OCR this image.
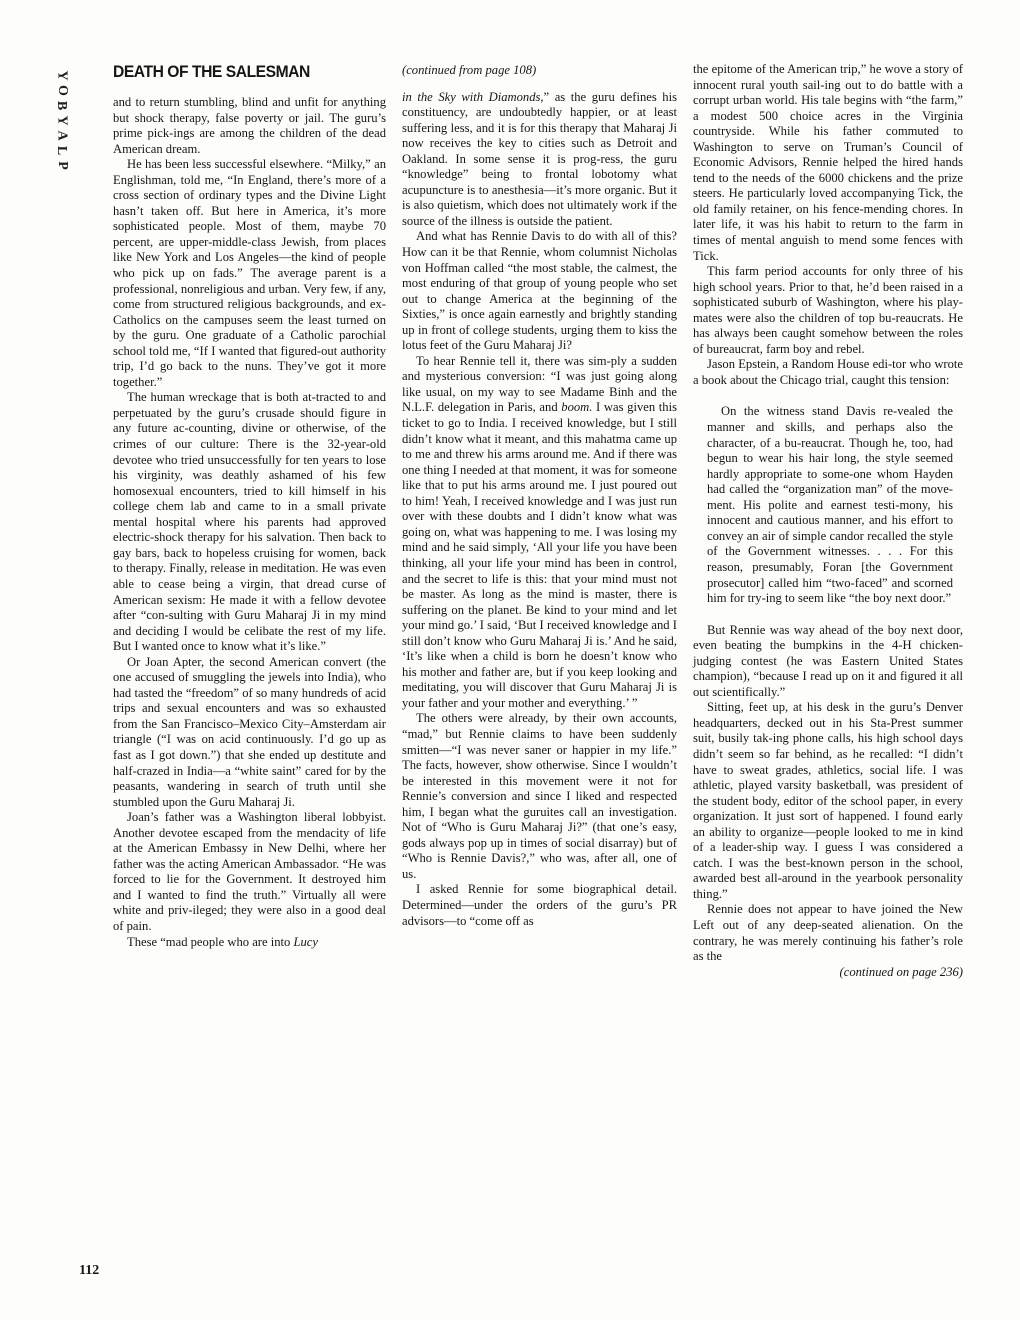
Y
O
B
Y
A
L
P
112
DEATH OF THE SALESMAN

and to return stumbling, blind and unfit for anything but shock therapy, false poverty or jail. The guru’s prime pick-ings are among the children of the dead American dream.

He has been less successful elsewhere. “Milky,” an Englishman, told me, “In England, there’s more of a cross section of ordinary types and the Divine Light hasn’t taken off. But here in America, it’s more sophisticated people. Most of them, maybe 70 percent, are upper-middle-class Jewish, from places like New York and Los Angeles—the kind of people who pick up on fads.” The average parent is a professional, nonreligious and urban. Very few, if any, come from structured religious backgrounds, and ex-Catholics on the campuses seem the least turned on by the guru. One graduate of a Catholic parochial school told me, “If I wanted that figured-out authority trip, I’d go back to the nuns. They’ve got it more together.”

The human wreckage that is both at-tracted to and perpetuated by the guru’s crusade should figure in any future ac-counting, divine or otherwise, of the crimes of our culture: There is the 32-year-old devotee who tried unsuccessfully for ten years to lose his virginity, was deathly ashamed of his few homosexual encounters, tried to kill himself in his college chem lab and came to in a small private mental hospital where his parents had approved electric-shock therapy for his salvation. Then back to gay bars, back to hopeless cruising for women, back to therapy. Finally, release in meditation. He was even able to cease being a virgin, that dread curse of American sexism: He made it with a fellow devotee after “con-sulting with Guru Maharaj Ji in my mind and deciding I would be celibate the rest of my life. But I wanted once to know what it’s like.”

Or Joan Apter, the second American convert (the one accused of smuggling the jewels into India), who had tasted the “freedom” of so many hundreds of acid trips and sexual encounters and was so exhausted from the San Francisco–Mexico City–Amsterdam air triangle (“I was on acid continuously. I’d go up as fast as I got down.”) that she ended up destitute and half-crazed in India—a “white saint” cared for by the peasants, wandering in search of truth until she stumbled upon the Guru Maharaj Ji.

Joan’s father was a Washington liberal lobbyist. Another devotee escaped from the mendacity of life at the American Embassy in New Delhi, where her father was the acting American Ambassador. “He was forced to lie for the Government. It destroyed him and I wanted to find the truth.” Virtually all were white and priv-ileged; they were also in a good deal of pain.

These “mad people who are into Lucy

(continued from page 108)

in the Sky with Diamonds,” as the guru defines his constituency, are undoubtedly happier, or at least suffering less, and it is for this therapy that Maharaj Ji now receives the key to cities such as Detroit and Oakland. In some sense it is prog-ress, the guru “knowledge” being to frontal lobotomy what acupuncture is to anesthesia—it’s more organic. But it is also quietism, which does not ultimately work if the source of the illness is outside the patient.

And what has Rennie Davis to do with all of this? How can it be that Rennie, whom columnist Nicholas von Hoffman called “the most stable, the calmest, the most enduring of that group of young people who set out to change America at the beginning of the Sixties,” is once again earnestly and brightly standing up in front of college students, urging them to kiss the lotus feet of the Guru Maharaj Ji?

To hear Rennie tell it, there was sim-ply a sudden and mysterious conversion: “I was just going along like usual, on my way to see Madame Binh and the N.L.F. delegation in Paris, and boom. I was given this ticket to go to India. I received knowledge, but I still didn’t know what it meant, and this mahatma came up to me and threw his arms around me. And if there was one thing I needed at that moment, it was for someone like that to put his arms around me. I just poured out to him! Yeah, I received knowledge and I was just run over with these doubts and I didn’t know what was going on, what was happening to me. I was losing my mind and he said simply, ‘All your life you have been thinking, all your life your mind has been in control, and the secret to life is this: that your mind must not be master. As long as the mind is master, there is suffering on the planet. Be kind to your mind and let your mind go.’ I said, ‘But I received knowledge and I still don’t know who Guru Maharaj Ji is.’ And he said, ‘It’s like when a child is born he doesn’t know who his mother and father are, but if you keep looking and meditating, you will discover that Guru Maharaj Ji is your father and your mother and everything.’ ”

The others were already, by their own accounts, “mad,” but Rennie claims to have been suddenly smitten—“I was never saner or happier in my life.” The facts, however, show otherwise. Since I wouldn’t be interested in this movement were it not for Rennie’s conversion and since I liked and respected him, I began what the guruites call an investigation. Not of “Who is Guru Maharaj Ji?” (that one’s easy, gods always pop up in times of social disarray) but of “Who is Rennie Davis?,” who was, after all, one of us.

I asked Rennie for some biographical detail. Determined—under the orders of the guru’s PR advisors—to “come off as

the epitome of the American trip,” he wove a story of innocent rural youth sail-ing out to do battle with a corrupt urban world. His tale begins with “the farm,” a modest 500 choice acres in the Virginia countryside. While his father commuted to Washington to serve on Truman’s Council of Economic Advisors, Rennie helped the hired hands tend to the needs of the 6000 chickens and the prize steers. He particularly loved accompanying Tick, the old family retainer, on his fence-mending chores. In later life, it was his habit to return to the farm in times of mental anguish to mend some fences with Tick.

This farm period accounts for only three of his high school years. Prior to that, he’d been raised in a sophisticated suburb of Washington, where his play-mates were also the children of top bu-reaucrats. He has always been caught somehow between the roles of bureaucrat, farm boy and rebel.

Jason Epstein, a Random House edi-tor who wrote a book about the Chicago trial, caught this tension:

On the witness stand Davis re-vealed the manner and skills, and perhaps also the character, of a bu-reaucrat. Though he, too, had begun to wear his hair long, the style seemed hardly appropriate to some-one whom Hayden had called the “organization man” of the move-ment. His polite and earnest testi-mony, his innocent and cautious manner, and his effort to convey an air of simple candor recalled the style of the Government witnesses. . . . For this reason, presumably, Foran [the Government prosecutor] called him “two-faced” and scorned him for try-ing to seem like “the boy next door.”

But Rennie was way ahead of the boy next door, even beating the bumpkins in the 4-H chicken-judging contest (he was Eastern United States champion), “because I read up on it and figured it all out scientifically.”

Sitting, feet up, at his desk in the guru’s Denver headquarters, decked out in his Sta-Prest summer suit, busily tak-ing phone calls, his high school days didn’t seem so far behind, as he recalled: “I didn’t have to sweat grades, athletics, social life. I was athletic, played varsity basketball, was president of the student body, editor of the school paper, in every organization. It just sort of happened. I found early an ability to organize—people looked to me in kind of a leader-ship way. I guess I was considered a catch. I was the best-known person in the school, awarded best all-around in the yearbook personality thing.”

Rennie does not appear to have joined the New Left out of any deep-seated alienation. On the contrary, he was merely continuing his father’s role as the

(continued on page 236)
